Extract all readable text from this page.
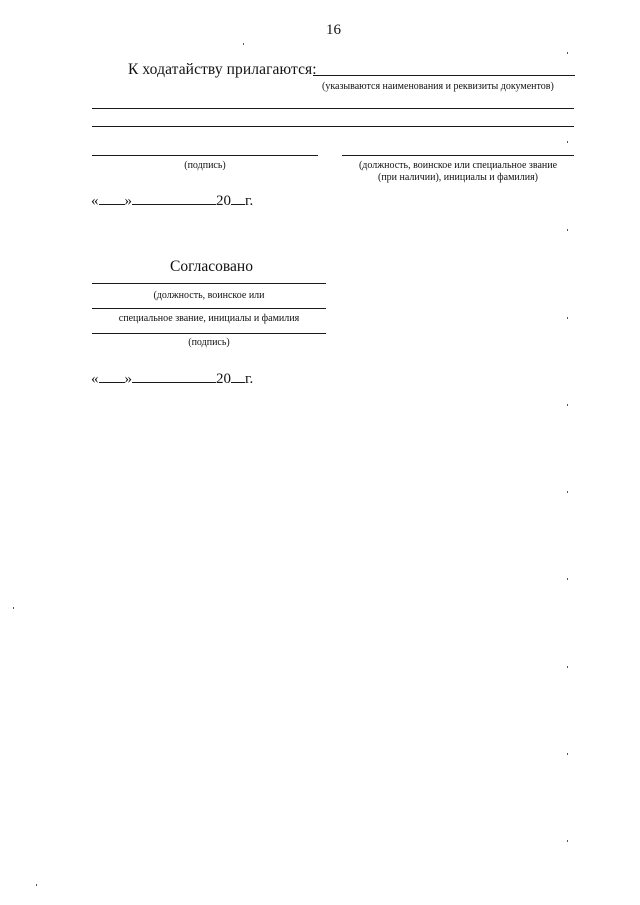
16
К ходатайству прилагаются:
(указываются наименования и реквизиты документов)
(подпись)	(должность, воинское или специальное звание
(при наличии), инициалы и фамилия)
« »	20 г.
Согласовано
(должность, воинское или
специальное звание, инициалы и фамилия
(подпись)
« »	20 г.
